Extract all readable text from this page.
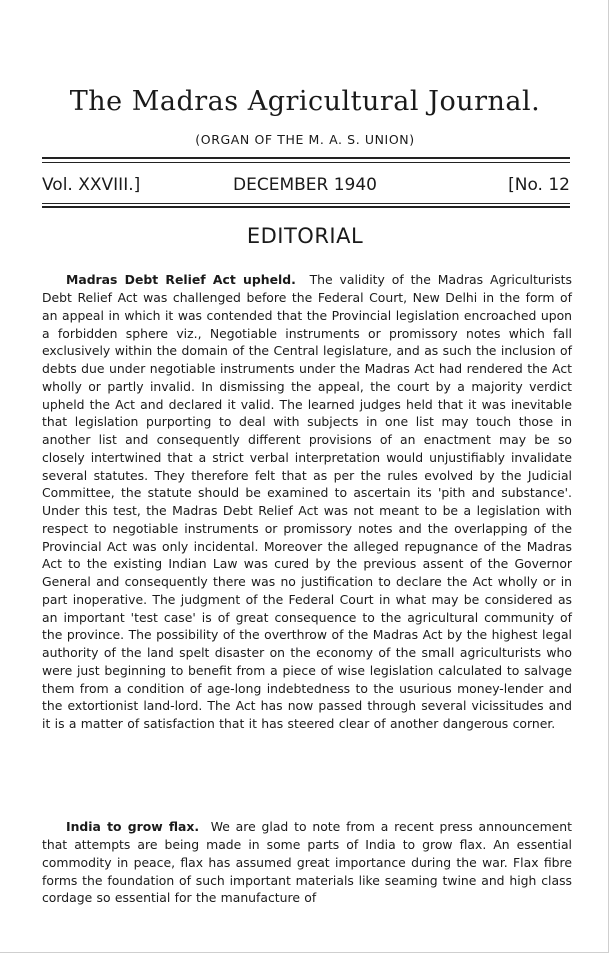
The Madras Agricultural Journal.
(ORGAN OF THE M. A. S. UNION)
Vol. XXVIII.]	DECEMBER 1940	[No. 12
EDITORIAL

Madras Debt Relief Act upheld. The validity of the Madras Agriculturists Debt Relief Act was challenged before the Federal Court, New Delhi in the form of an appeal in which it was contended that the Provincial legislation encroached upon a forbidden sphere viz., Negotiable instruments or promissory notes which fall exclusively within the domain of the Central legislature, and as such the inclusion of debts due under negotiable instruments under the Madras Act had rendered the Act wholly or partly invalid. In dismissing the appeal, the court by a majority verdict upheld the Act and declared it valid. The learned judges held that it was inevitable that legislation purporting to deal with subjects in one list may touch those in another list and consequently different provisions of an enactment may be so closely intertwined that a strict verbal interpretation would unjustifiably invalidate several statutes. They therefore felt that as per the rules evolved by the Judicial Committee, the statute should be examined to ascertain its 'pith and substance'. Under this test, the Madras Debt Relief Act was not meant to be a legislation with respect to negotiable instruments or promissory notes and the overlapping of the Provincial Act was only incidental. Moreover the alleged repugnance of the Madras Act to the existing Indian Law was cured by the previous assent of the Governor General and consequently there was no justification to declare the Act wholly or in part inoperative. The judgment of the Federal Court in what may be considered as an important 'test case' is of great consequence to the agricultural community of the province. The possibility of the overthrow of the Madras Act by the highest legal authority of the land spelt disaster on the economy of the small agriculturists who were just beginning to benefit from a piece of wise legislation calculated to salvage them from a condition of age-long indebtedness to the usurious money-lender and the extortionist land-lord. The Act has now passed through several vicissitudes and it is a matter of satisfaction that it has steered clear of another dangerous corner.

India to grow flax. We are glad to note from a recent press announcement that attempts are being made in some parts of India to grow flax. An essential commodity in peace, flax has assumed great importance during the war. Flax fibre forms the foundation of such important materials like seaming twine and high class cordage so essential for the manufacture of
